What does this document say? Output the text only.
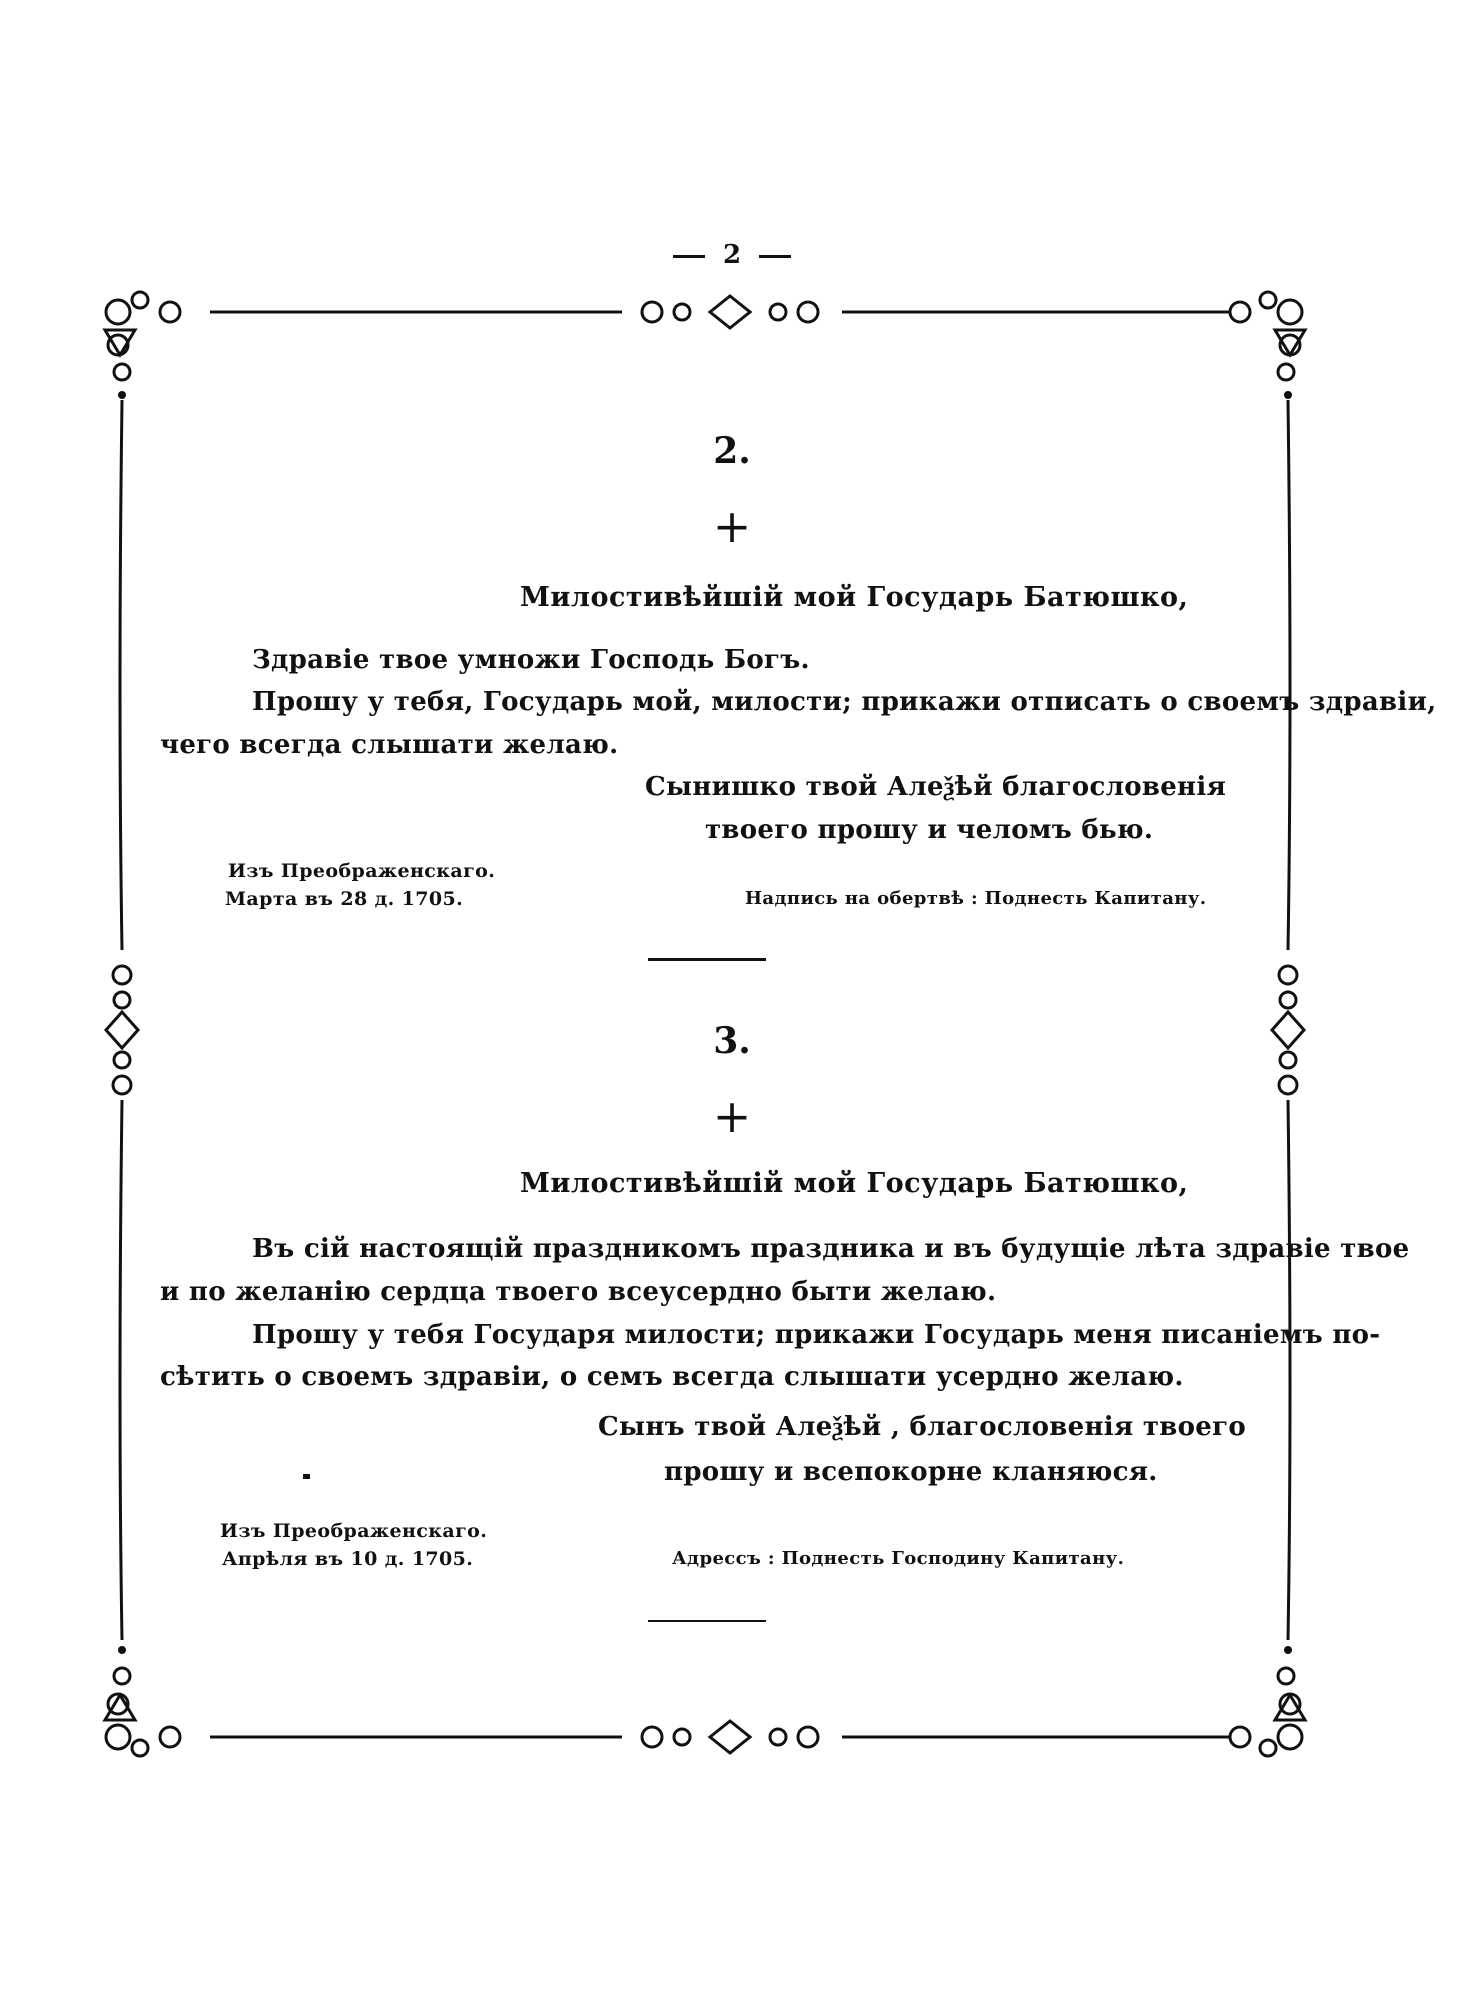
2
2.
+
Милостивѣйшій мой Государь Батюшко,
Здравіе твое умножи Господь Богъ.
Прошу у тебя, Государь мой, милости; прикажи отписать о своемъ здравіи,
чего всегда слышати желаю.
Сынишко твой Алеѯѣй благословенія
твоего прошу и челомъ бью.
Изъ Преображенскаго.
Марта въ 28 д. 1705.	Надпись на обертвѣ : Поднесть Капитану.
3.
+
Милостивѣйшій мой Государь Батюшко,
Въ сій настоящій праздникомъ праздника и въ будущіе лѣта здравіе твое
и по желанію сердца твоего всеусердно быти желаю.
Прошу у тебя Государя милости; прикажи Государь меня писаніемъ по-
сѣтить о своемъ здравіи, о семъ всегда слышати усердно желаю.
Сынъ твой Алеѯѣй , благословенія твоего
прошу и всепокорне кланяюся.
Изъ Преображенскаго.
Апрѣля въ 10 д. 1705.	Адрессъ : Поднесть Господину Капитану.
